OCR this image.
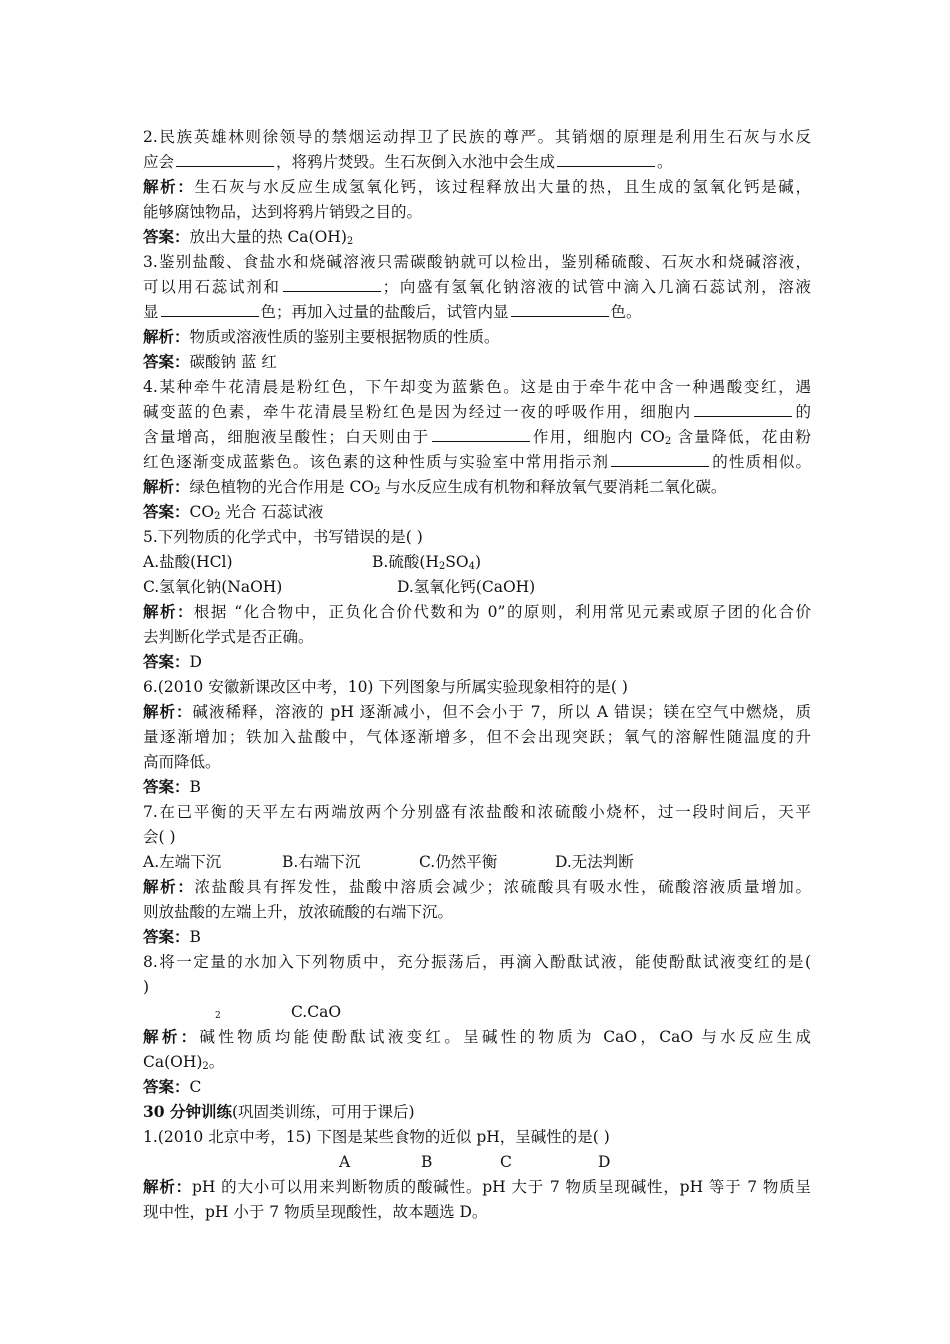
2.民族英雄林则徐领导的禁烟运动捍卫了民族的尊严。其销烟的原理是利用生石灰与水反
应会	，将鸦片焚毁。生石灰倒入水池中会生成	。
解析：生石灰与水反应生成氢氧化钙，该过程释放出大量的热，且生成的氢氧化钙是碱，
能够腐蚀物品，达到将鸦片销毁之目的。
答案：放出大量的热 $Ca(OH)_2$
3.鉴别盐酸、食盐水和烧碱溶液只需碳酸钠就可以检出，鉴别稀硫酸、石灰水和烧碱溶液，
可以用石蕊试剂和	；向盛有氢氧化钠溶液的试管中滴入几滴石蕊试剂，溶液
显	色；再加入过量的盐酸后，试管内显	色。
解析：物质或溶液性质的鉴别主要根据物质的性质。
答案：碳酸钠 蓝 红
4.某种牵牛花清晨是粉红色，下午却变为蓝紫色。这是由于牵牛花中含一种遇酸变红，遇
碱变蓝的色素，牵牛花清晨呈粉红色是因为经过一夜的呼吸作用，细胞内	的
含量增高，细胞液呈酸性；白天则由于	作用，细胞内 $CO_2$ 含量降低，花由粉
红色逐渐变成蓝紫色。该色素的这种性质与实验室中常用指示剂	的性质相似。
解析：绿色植物的光合作用是 $CO_2$ 与水反应生成有机物和释放氧气要消耗二氧化碳。
答案：$CO_2$ 光合 石蕊试液
5.下列物质的化学式中，书写错误的是( )
A.盐酸(HCl)	B.硫酸$(H_2SO_4)$
C.氢氧化钠(NaOH)	D.氢氧化钙(CaOH)
解析：根据 “化合物中，正负化合价代数和为 0”的原则，利用常见元素或原子团的化合价
去判断化学式是否正确。
答案：D
6.(2010 安徽新课改区中考，10) 下列图象与所属实验现象相符的是( )
解析：碱液稀释，溶液的 pH 逐渐减小，但不会小于 7，所以 A 错误；镁在空气中燃烧，质
量逐渐增加；铁加入盐酸中，气体逐渐增多，但不会出现突跃；氧气的溶解性随温度的升
高而降低。
答案：B
7.在已平衡的天平左右两端放两个分别盛有浓盐酸和浓硫酸小烧杯，过一段时间后，天平
会( )
A.左端下沉	B.右端下沉	C.仍然平衡	D.无法判断
解析：浓盐酸具有挥发性，盐酸中溶质会减少；浓硫酸具有吸水性，硫酸溶液质量增加。
则放盐酸的左端上升，放浓硫酸的右端下沉。
答案：B
8.将一定量的水加入下列物质中，充分振荡后，再滴入酚酞试液，能使酚酞试液变红的是(
)
2	C.CaO
解析：碱性物质均能使酚酞试液变红。呈碱性的物质为 CaO，CaO 与水反应生成
$Ca(OH)_2$。
答案：C
30 分钟训练(巩固类训练，可用于课后)
1.(2010 北京中考，15) 下图是某些食物的近似 pH，呈碱性的是( )
A	B	C	D
解析：pH 的大小可以用来判断物质的酸碱性。pH 大于 7 物质呈现碱性，pH 等于 7 物质呈
现中性，pH 小于 7 物质呈现酸性，故本题选 D。
